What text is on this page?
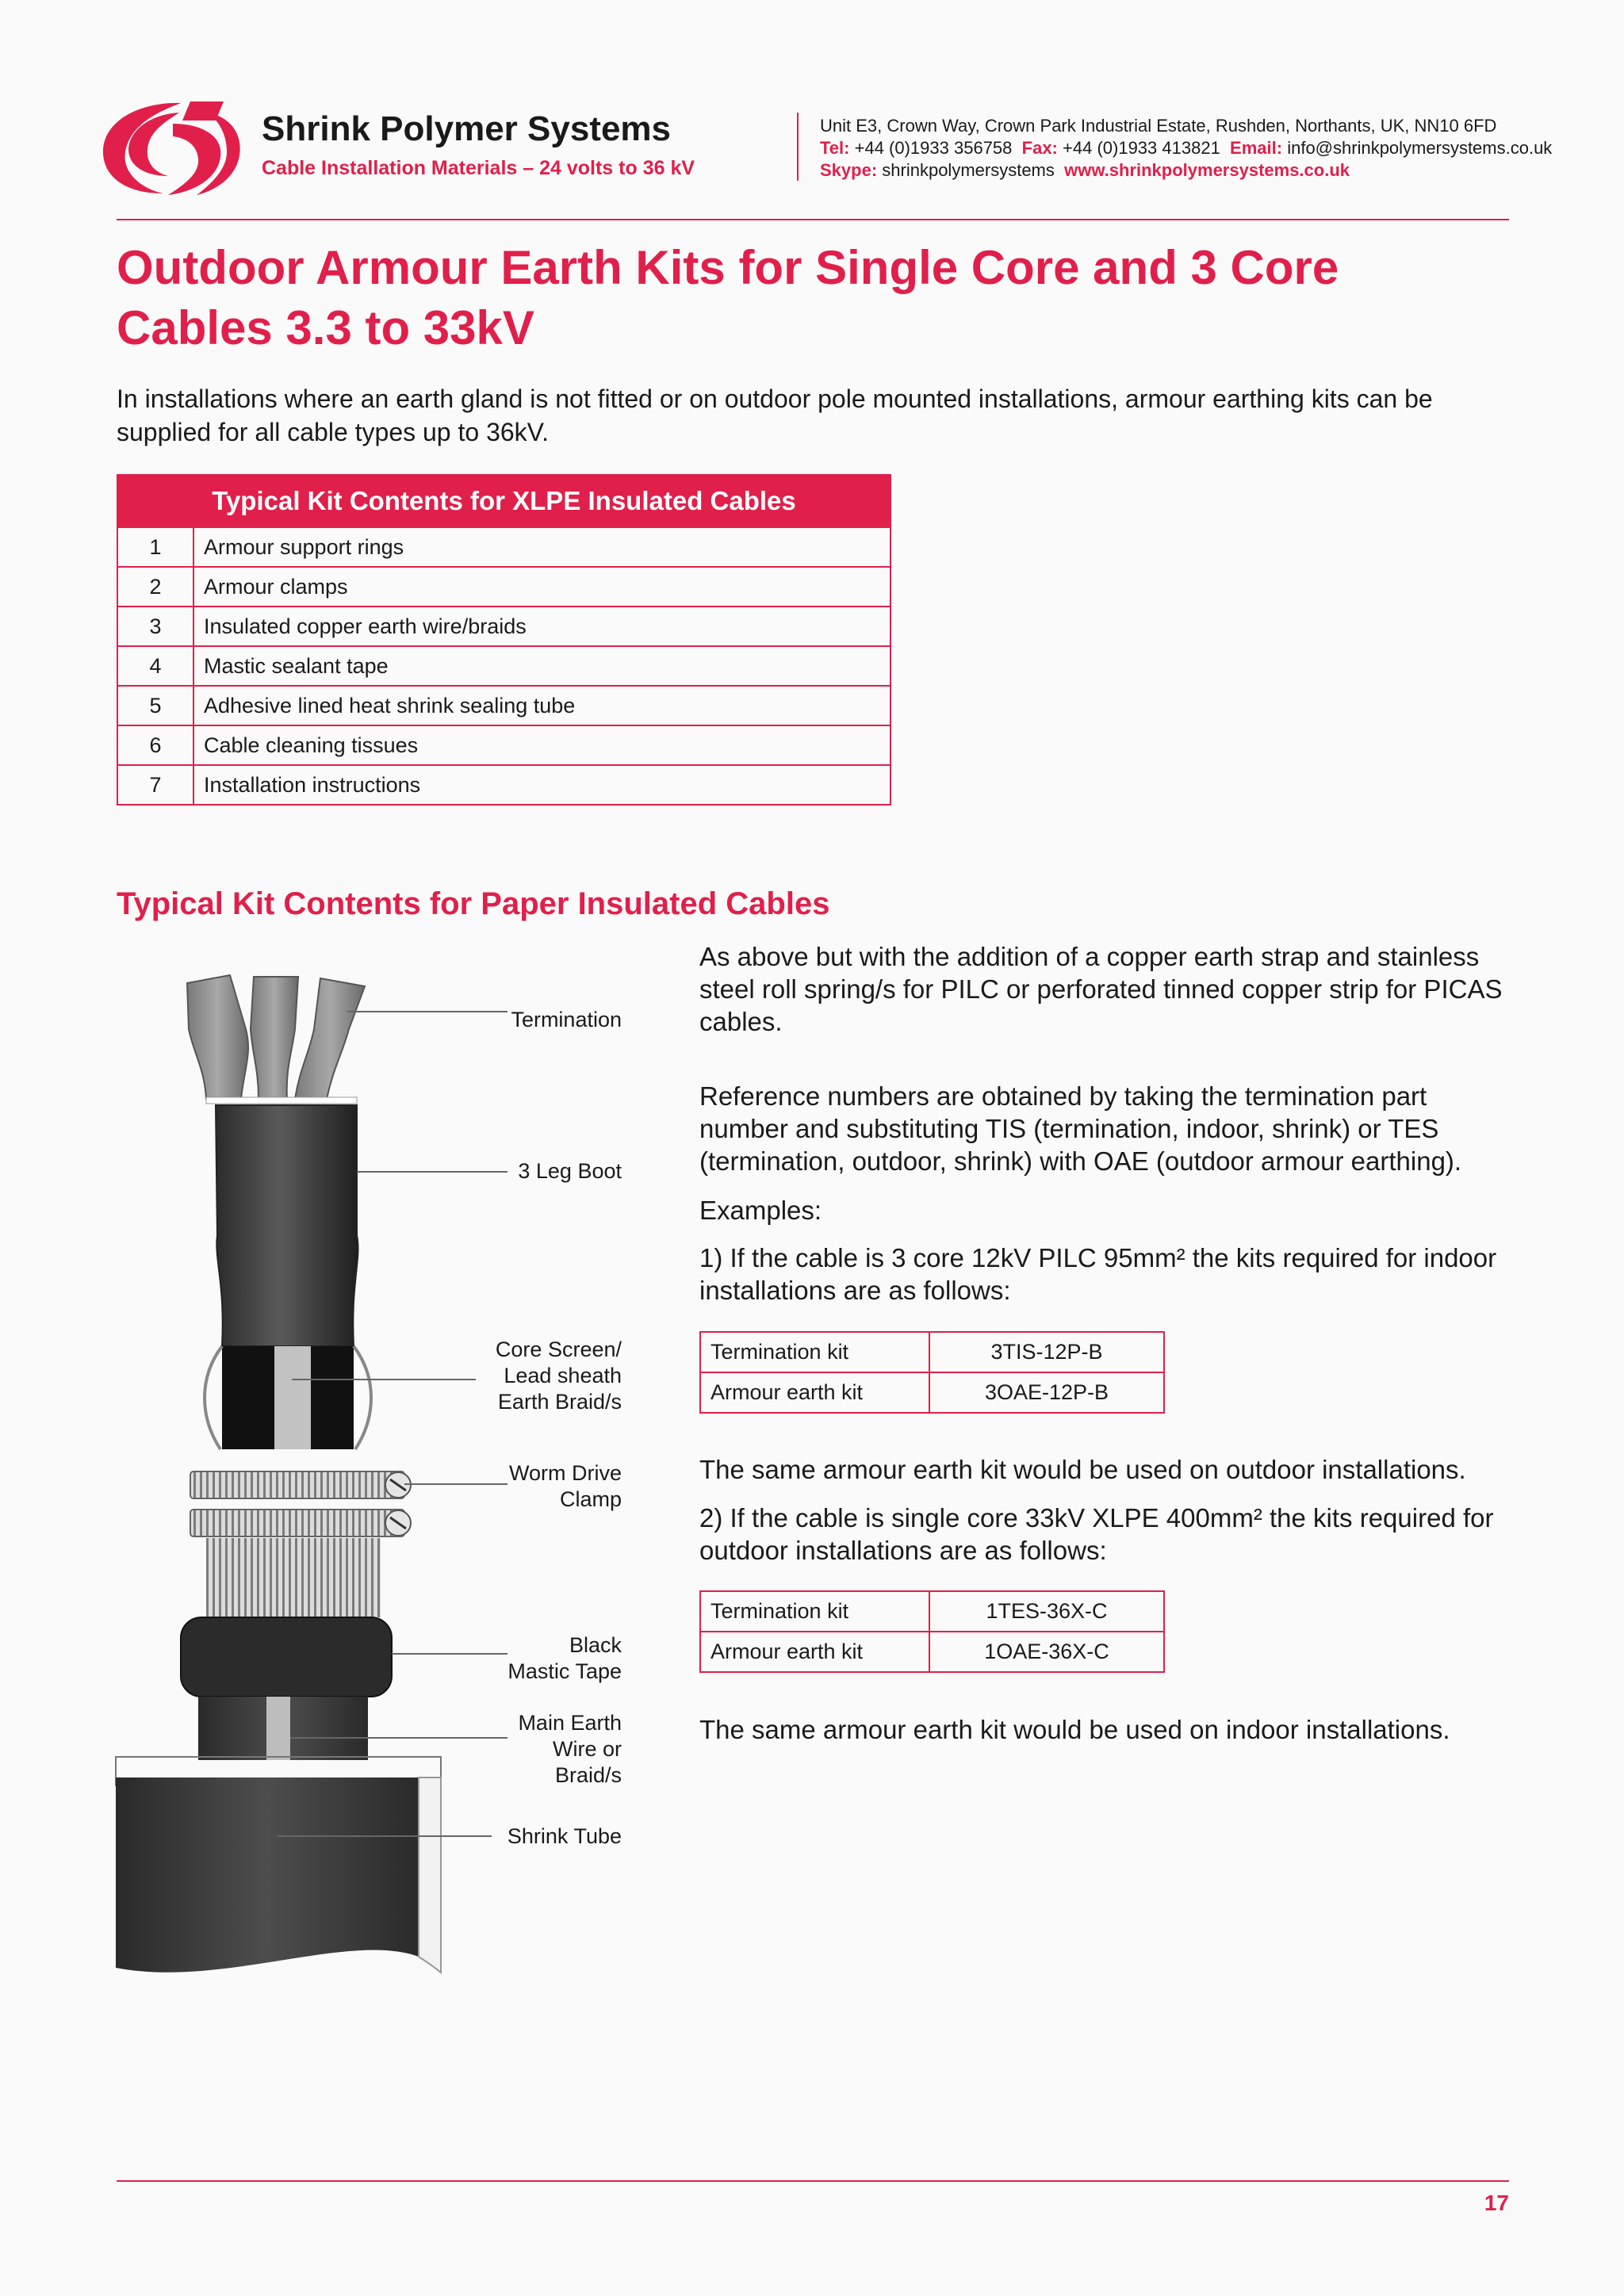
Shrink Polymer Systems
Cable Installation Materials – 24 volts to 36 kV
Unit E3, Crown Way, Crown Park Industrial Estate, Rushden, Northants, UK, NN10 6FD
Tel: +44 (0)1933 356758 Fax: +44 (0)1933 413821 Email: info@shrinkpolymersystems.co.uk
Skype: shrinkpolymersystems www.shrinkpolymersystems.co.uk
Outdoor Armour Earth Kits for Single Core and 3 Core
Cables 3.3 to 33kV

In installations where an earth gland is not fitted or on outdoor pole mounted installations, armour earthing kits can be supplied for all cable types up to 36kV.

Typical Kit Contents for XLPE Insulated Cables	
1	Armour support rings
2	Armour clamps
3	Insulated copper earth wire/braids
4	Mastic sealant tape
5	Adhesive lined heat shrink sealing tube
6	Cable cleaning tissues
7	Installation instructions
Typical Kit Contents for Paper Insulated Cables
Termination
3 Leg Boot
Core Screen/
Lead sheath
Earth Braid/s
Worm Drive
Clamp
Black
Mastic Tape
Main Earth
Wire or
Braid/s
Shrink Tube

As above but with the addition of a copper earth strap and stainless steel roll spring/s for PILC or perforated tinned copper strip for PICAS cables.

Reference numbers are obtained by taking the termination part number and substituting TIS (termination, indoor, shrink) or TES (termination, outdoor, shrink) with OAE (outdoor armour earthing).

Examples:

1) If the cable is 3 core 12kV PILC 95mm² the kits required for indoor installations are as follows:

Termination kit	3TIS-12P-B
Armour earth kit	3OAE-12P-B

The same armour earth kit would be used on outdoor installations.

2) If the cable is single core 33kV XLPE 400mm² the kits required for outdoor installations are as follows:

Termination kit	1TES-36X-C
Armour earth kit	1OAE-36X-C

The same armour earth kit would be used on indoor installations.

17
